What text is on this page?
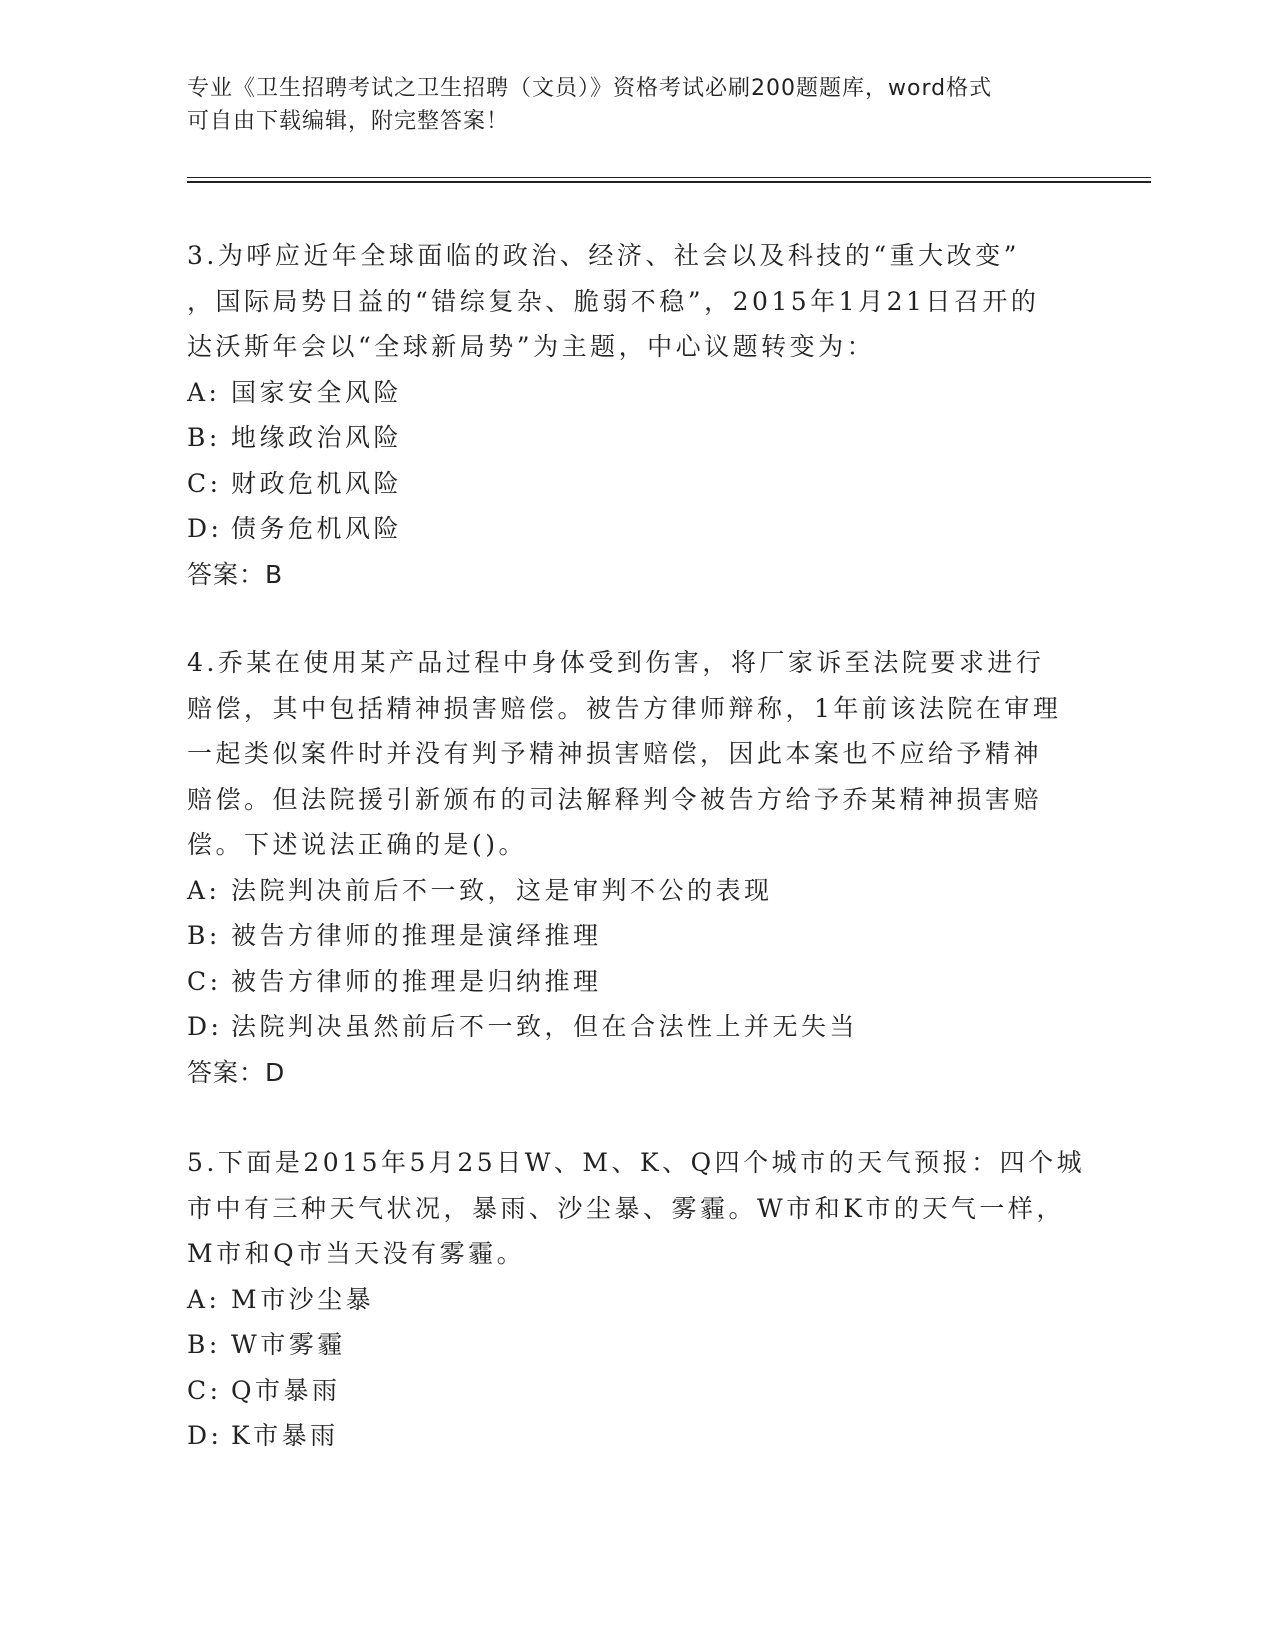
专业《卫生招聘考试之卫生招聘（文员）》资格考试必刷200题题库，word格式
可自由下载编辑，附完整答案！
3.为呼应近年全球面临的政治、经济、社会以及科技的“重大改变”
，国际局势日益的“错综复杂、脆弱不稳”，2015年1月21日召开的
达沃斯年会以“全球新局势”为主题，中心议题转变为：
A: 国家安全风险
B: 地缘政治风险
C: 财政危机风险
D: 债务危机风险
答案：B
4.乔某在使用某产品过程中身体受到伤害，将厂家诉至法院要求进行
赔偿，其中包括精神损害赔偿。被告方律师辩称，1年前该法院在审理
一起类似案件时并没有判予精神损害赔偿，因此本案也不应给予精神
赔偿。但法院援引新颁布的司法解释判令被告方给予乔某精神损害赔
偿。下述说法正确的是()。
A: 法院判决前后不一致，这是审判不公的表现
B: 被告方律师的推理是演绎推理
C: 被告方律师的推理是归纳推理
D: 法院判决虽然前后不一致，但在合法性上并无失当
答案：D
5.下面是2015年5月25日W、M、K、Q四个城市的天气预报：四个城
市中有三种天气状况，暴雨、沙尘暴、雾霾。W市和K市的天气一样，
M市和Q市当天没有雾霾。
A: M市沙尘暴
B: W市雾霾
C: Q市暴雨
D: K市暴雨
